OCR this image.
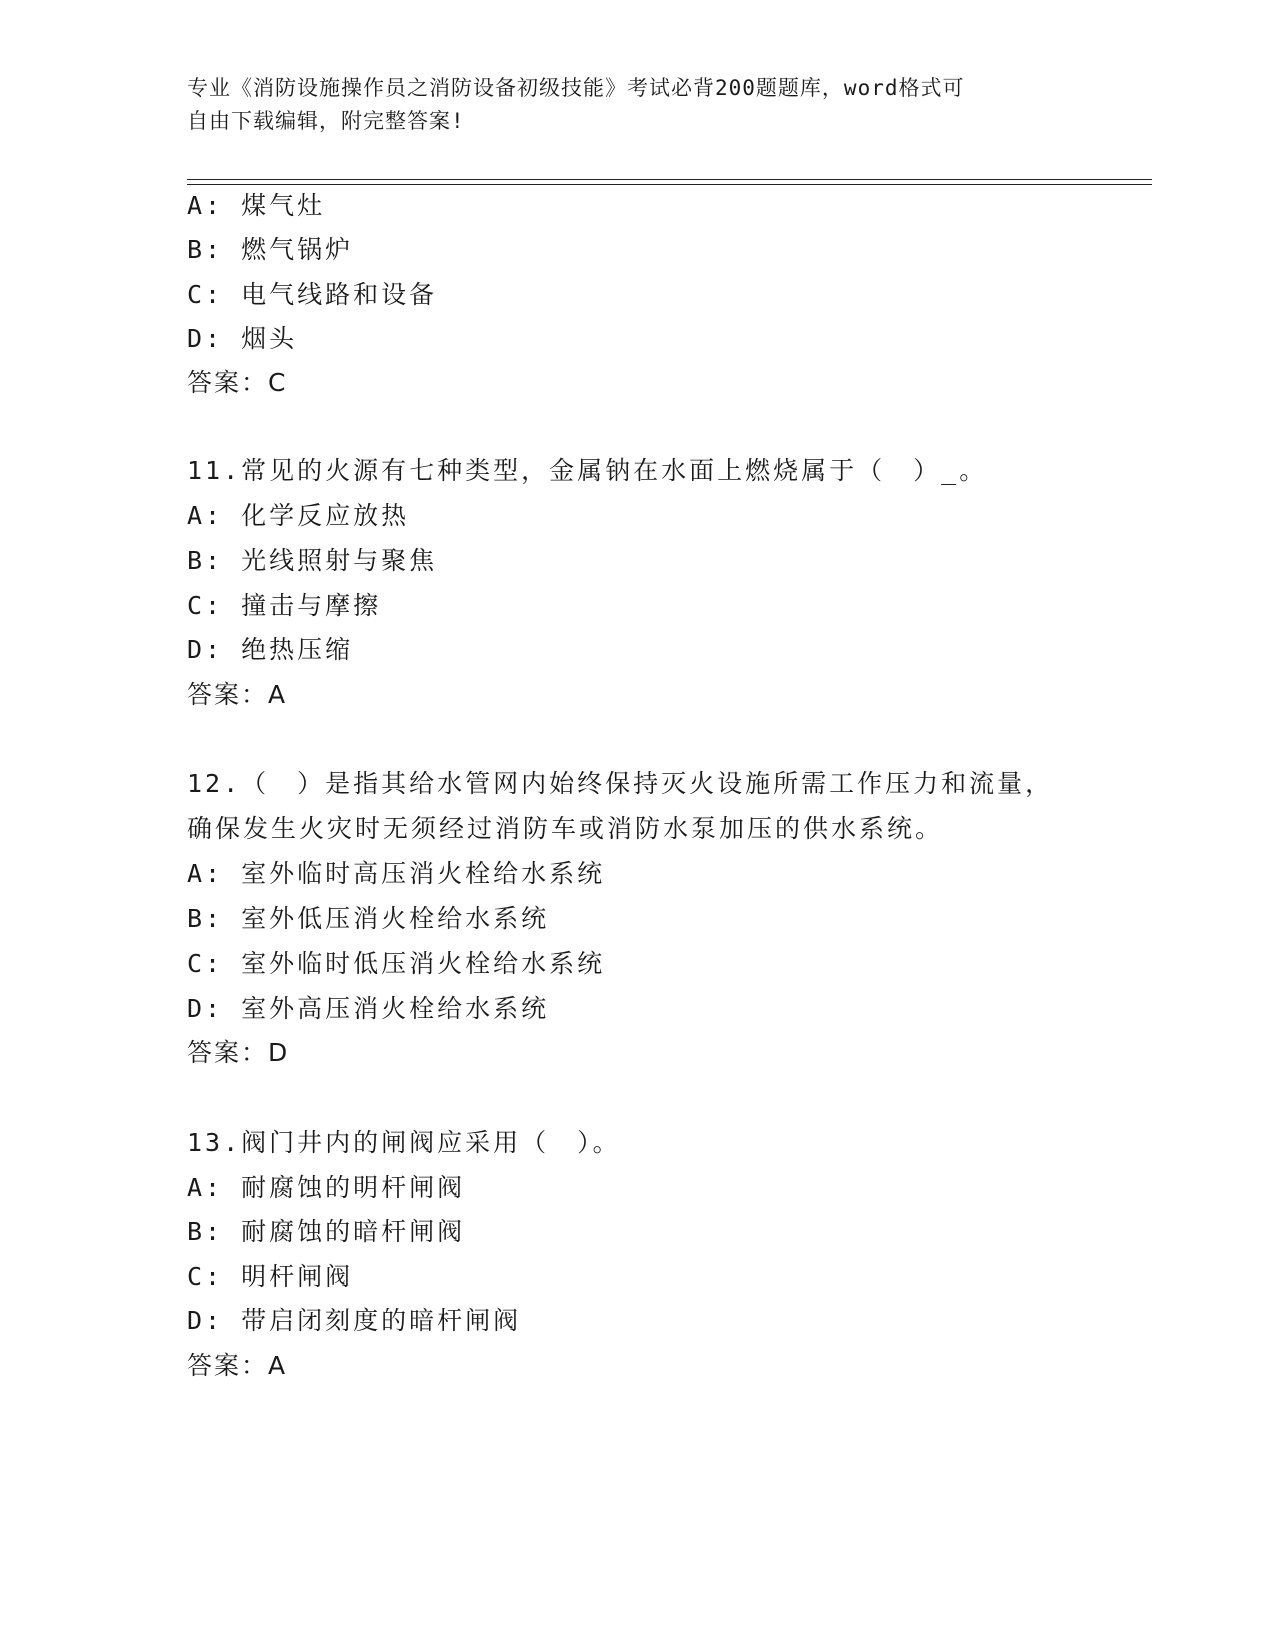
专业《消防设施操作员之消防设备初级技能》考试必背200题题库，word格式可
自由下载编辑，附完整答案!
A: 煤气灶
B: 燃气锅炉
C: 电气线路和设备
D: 烟头
答案：C
11.常见的火源有七种类型，金属钠在水面上燃烧属于（　）_。
A: 化学反应放热
B: 光线照射与聚焦
C: 撞击与摩擦
D: 绝热压缩
答案：A
12.（　）是指其给水管网内始终保持灭火设施所需工作压力和流量，
确保发生火灾时无须经过消防车或消防水泵加压的供水系统。
A: 室外临时高压消火栓给水系统
B: 室外低压消火栓给水系统
C: 室外临时低压消火栓给水系统
D: 室外高压消火栓给水系统
答案：D
13.阀门井内的闸阀应采用（　）。
A: 耐腐蚀的明杆闸阀
B: 耐腐蚀的暗杆闸阀
C: 明杆闸阀
D: 带启闭刻度的暗杆闸阀
答案：A
